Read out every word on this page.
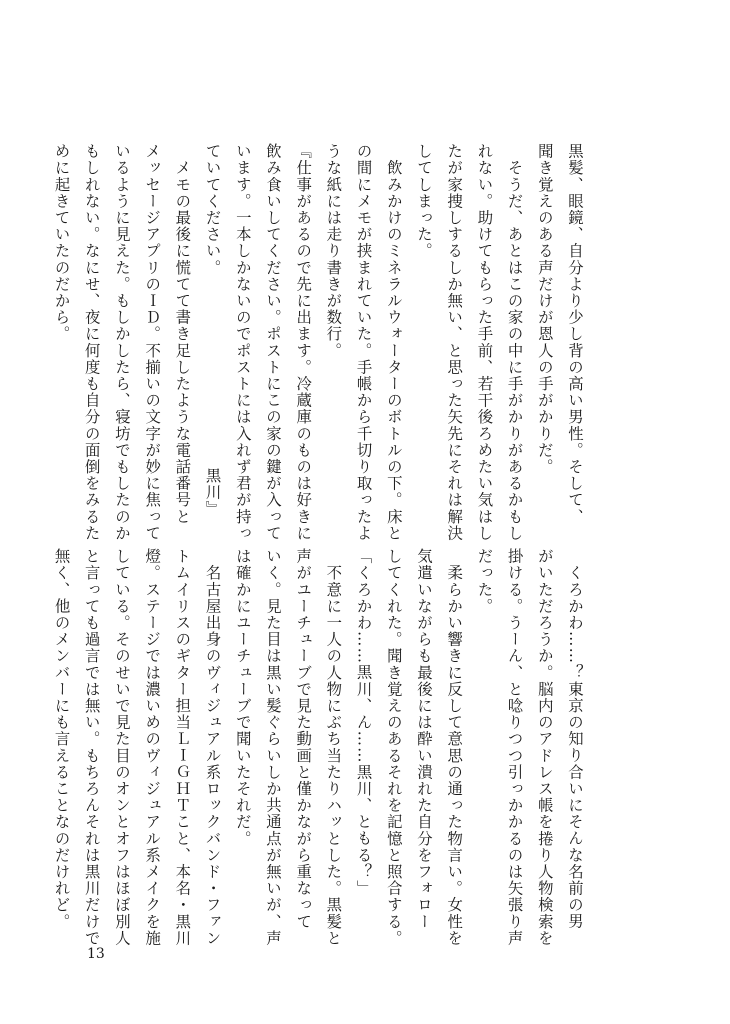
黒髪、眼鏡、自分より少し背の高い男性。そして、
聞き覚えのある声だけが恩人の手がかりだ。
　そうだ、あとはこの家の中に手がかりがあるかもし
れない。助けてもらった手前、若干後ろめたい気はし
たが家捜しするしか無い、と思った矢先にそれは解決
してしまった。
　飲みかけのミネラルウォーターのボトルの下。床と
の間にメモが挟まれていた。手帳から千切り取ったよ
うな紙には走り書きが数行。
『仕事があるので先に出ます。冷蔵庫のものは好きに
飲み食いしてください。ポストにこの家の鍵が入って
います。一本しかないのでポストには入れず君が持っ
ていてください。　　　　　　　　　　　　黒川』
　メモの最後に慌てて書き足したような電話番号と
メッセージアプリのＩＤ。不揃いの文字が妙に焦って
いるように見えた。もしかしたら、寝坊でもしたのか
もしれない。なにせ、夜に何度も自分の面倒をみるた
めに起きていたのだから。
　くろかわ……？東京の知り合いにそんな名前の男
がいただろうか。脳内のアドレス帳を捲り人物検索を
掛ける。うーん、と唸りつつ引っかかるのは矢張り声
だった。
　柔らかい響きに反して意思の通った物言い。女性を
気遣いながらも最後には酔い潰れた自分をフォロー
してくれた。聞き覚えのあるそれを記憶と照合する。
「くろかわ……黒川、ん……黒川、ともる？」
　不意に一人の人物にぶち当たりハッとした。黒髪と
声がユーチューブで見た動画と僅かながら重なって
いく。見た目は黒い髪ぐらいしか共通点が無いが、声
は確かにユーチューブで聞いたそれだ。
　名古屋出身のヴィジュアル系ロックバンド・ファン
トムイリスのギター担当ＬＩＧＨＴこと、本名・黒川
燈。ステージでは濃いめのヴィジュアル系メイクを施
している。そのせいで見た目のオンとオフはほぼ別人
と言っても過言では無い。もちろんそれは黒川だけで
無く、他のメンバーにも言えることなのだけれど。
13
